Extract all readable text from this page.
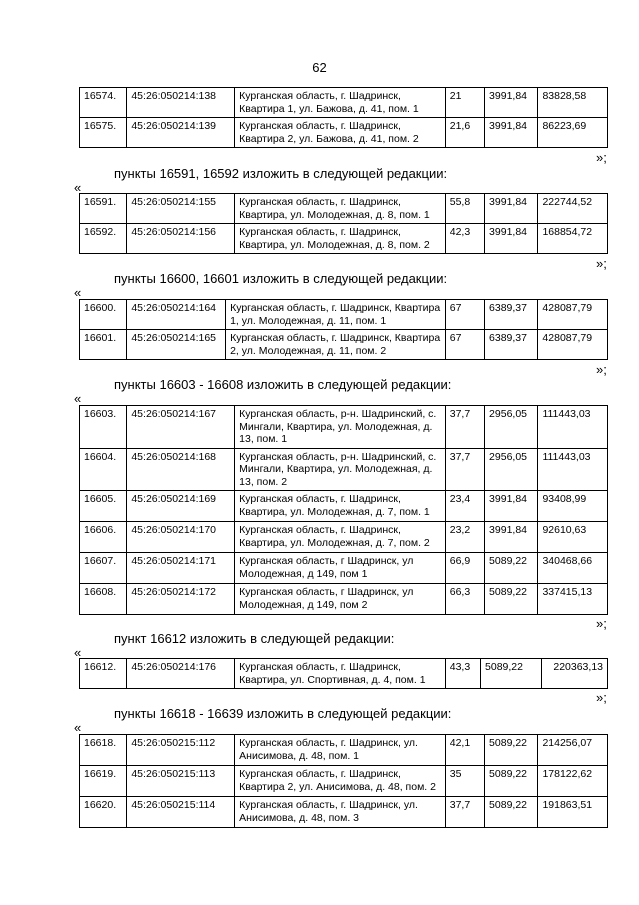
62
16574.	45:26:050214:138	Курганская область, г. Шадринск, Квартира 1, ул. Бажова, д. 41, пом. 1	21	3991,84	83828,58
16575.	45:26:050214:139	Курганская область, г. Шадринск, Квартира 2, ул. Бажова, д. 41, пом. 2	21,6	3991,84	86223,69
»;
пункты 16591, 16592 изложить в следующей редакции:
«
16591.	45:26:050214:155	Курганская область, г. Шадринск, Квартира, ул. Молодежная, д. 8, пом. 1	55,8	3991,84	222744,52
16592.	45:26:050214:156	Курганская область, г. Шадринск, Квартира, ул. Молодежная, д. 8, пом. 2	42,3	3991,84	168854,72
»;
пункты 16600, 16601 изложить в следующей редакции:
«
16600.	45:26:050214:164	Курганская область, г. Шадринск, Квартира 1, ул. Молодежная, д. 11, пом. 1	67	6389,37	428087,79
16601.	45:26:050214:165	Курганская область, г. Шадринск, Квартира 2, ул. Молодежная, д. 11, пом. 2	67	6389,37	428087,79
»;
пункты 16603 - 16608 изложить в следующей редакции:
«
16603.	45:26:050214:167	Курганская область, р-н. Шадринский, с. Мингали, Квартира, ул. Молодежная, д. 13, пом. 1	37,7	2956,05	111443,03
16604.	45:26:050214:168	Курганская область, р-н. Шадринский, с. Мингали, Квартира, ул. Молодежная, д. 13, пом. 2	37,7	2956,05	111443,03
16605.	45:26:050214:169	Курганская область, г. Шадринск, Квартира, ул. Молодежная, д. 7, пом. 1	23,4	3991,84	93408,99
16606.	45:26:050214:170	Курганская область, г. Шадринск, Квартира, ул. Молодежная, д. 7, пом. 2	23,2	3991,84	92610,63
16607.	45:26:050214:171	Курганская область, г Шадринск, ул Молодежная, д 149, пом 1	66,9	5089,22	340468,66
16608.	45:26:050214:172	Курганская область, г Шадринск, ул Молодежная, д 149, пом 2	66,3	5089,22	337415,13
»;
пункт 16612 изложить в следующей редакции:
«
16612.	45:26:050214:176	Курганская область, г. Шадринск, Квартира, ул. Спортивная, д. 4, пом. 1	43,3	5089,22	220363,13
»;
пункты 16618 - 16639 изложить в следующей редакции:
«
16618.	45:26:050215:112	Курганская область, г. Шадринск, ул. Анисимова, д. 48, пом. 1	42,1	5089,22	214256,07
16619.	45:26:050215:113	Курганская область, г. Шадринск, Квартира 2, ул. Анисимова, д. 48, пом. 2	35	5089,22	178122,62
16620.	45:26:050215:114	Курганская область, г. Шадринск, ул. Анисимова, д. 48, пом. 3	37,7	5089,22	191863,51
